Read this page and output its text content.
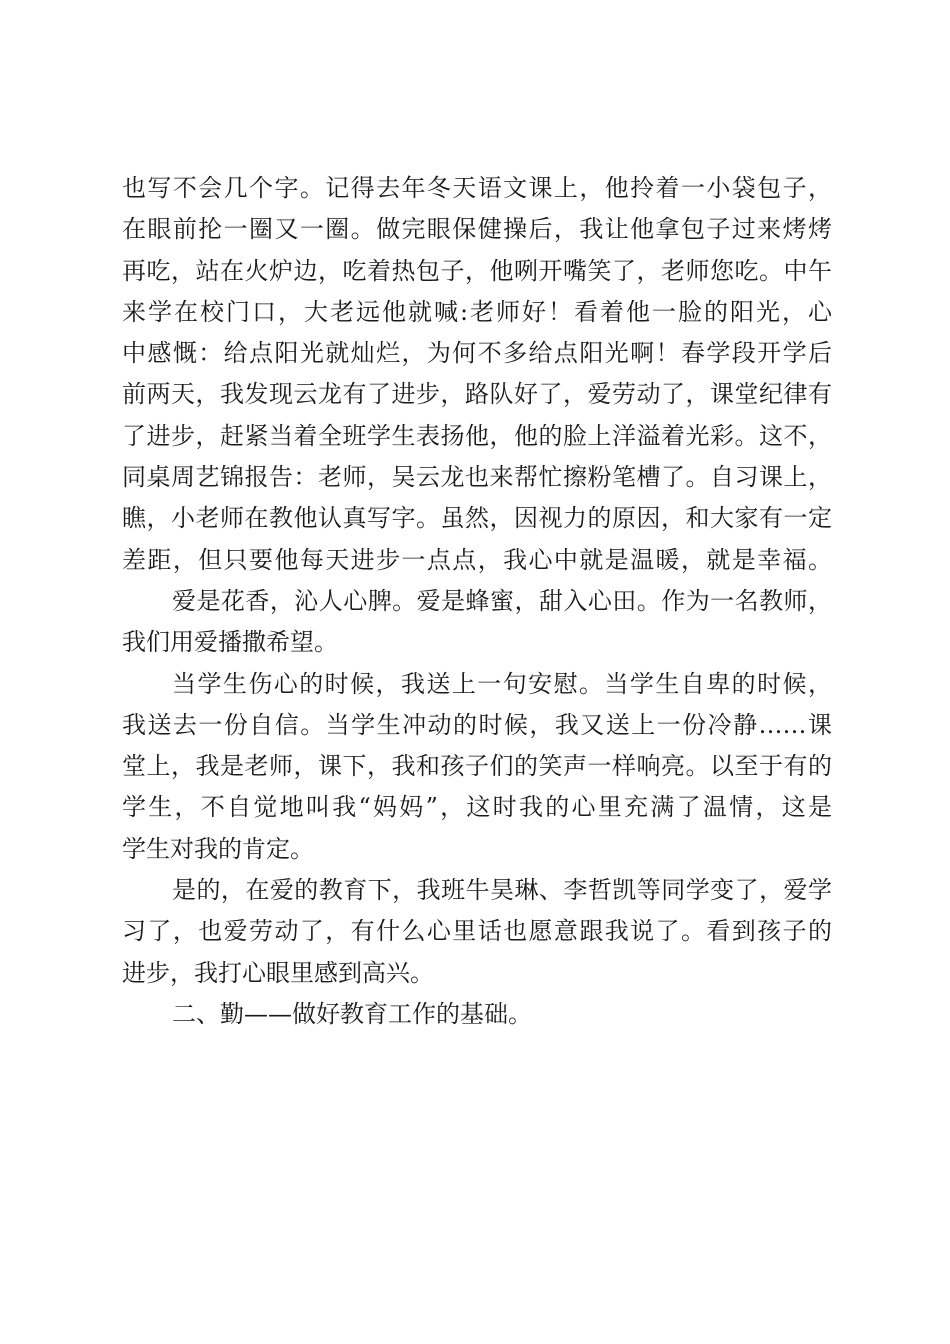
也写不会几个字。记得去年冬天语文课上，他拎着一小袋包子，
在眼前抡一圈又一圈。做完眼保健操后，我让他拿包子过来烤烤
再吃，站在火炉边，吃着热包子，他咧开嘴笑了，老师您吃。中午
来学在校门口，大老远他就喊:老师好！看着他一脸的阳光，心
中感慨：给点阳光就灿烂，为何不多给点阳光啊！春学段开学后
前两天，我发现云龙有了进步，路队好了，爱劳动了，课堂纪律有
了进步，赶紧当着全班学生表扬他，他的脸上洋溢着光彩。这不，
同桌周艺锦报告：老师，吴云龙也来帮忙擦粉笔槽了。自习课上，
瞧，小老师在教他认真写字。虽然，因视力的原因，和大家有一定
差距，但只要他每天进步一点点，我心中就是温暖，就是幸福。
爱是花香，沁人心脾。爱是蜂蜜，甜入心田。作为一名教师，
我们用爱播撒希望。
当学生伤心的时候，我送上一句安慰。当学生自卑的时候，
我送去一份自信。当学生冲动的时候，我又送上一份冷静……课
堂上，我是老师，课下，我和孩子们的笑声一样响亮。以至于有的
学生，不自觉地叫我“妈妈”，这时我的心里充满了温情，这是
学生对我的肯定。
是的，在爱的教育下，我班牛昊琳、李哲凯等同学变了，爱学
习了，也爱劳动了，有什么心里话也愿意跟我说了。看到孩子的
进步，我打心眼里感到高兴。
二、勤——做好教育工作的基础。
